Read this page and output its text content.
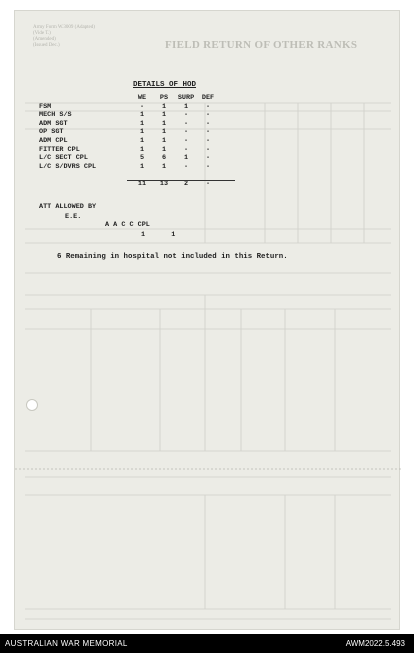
Army Form W.3009 (Adapted)
(Vide T.)
(Amended)
(Issued Dec.)	FIELD RETURN OF OTHER RANKS
DETAILS OF HOD
	WE	PS	SURP	DEF
FSM	-	1	1	-
MECH S/S	1	1	-	-
ADM SGT	1	1	-	-
OP SGT	1	1	-	-
ADM CPL	1	1	-	-
FITTER CPL	1	1	-	-
L/C SECT CPL	5	6	1	-
L/C S/DVRS CPL	1	1	-	-
	11	13	2	-
ATT ALLOWED BY
E.E.
A A C C CPL
1	1
6 Remaining in hospital not included in this Return.
AUSTRALIAN WAR MEMORIAL	AWM2022.5.493
